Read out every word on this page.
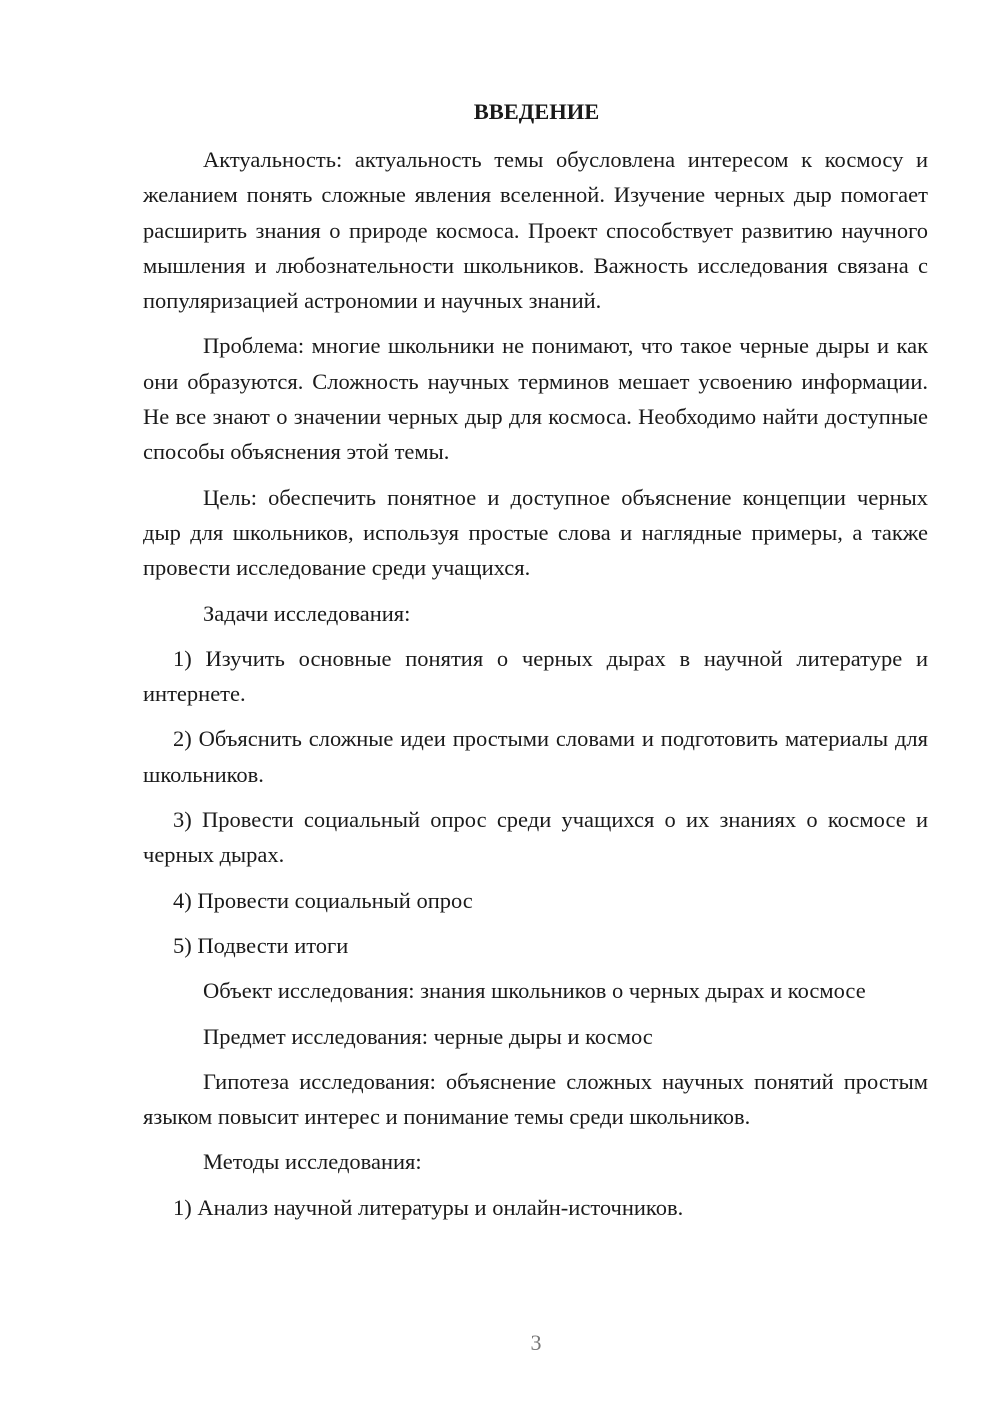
ВВЕДЕНИЕ

Актуальность: актуальность темы обусловлена интересом к космосу и желанием понять сложные явления вселенной. Изучение черных дыр помогает расширить знания о природе космоса. Проект способствует развитию научного мышления и любознательности школьников. Важность исследования связана с популяризацией астрономии и научных знаний.

Проблема: многие школьники не понимают, что такое черные дыры и как они образуются. Сложность научных терминов мешает усвоению информации. Не все знают о значении черных дыр для космоса. Необходимо найти доступные способы объяснения этой темы.

Цель: обеспечить понятное и доступное объяснение концепции черных дыр для школьников, используя простые слова и наглядные примеры, а также провести исследование среди учащихся.

Задачи исследования:

1) Изучить основные понятия о черных дырах в научной литературе и интернете.

2) Объяснить сложные идеи простыми словами и подготовить материалы для школьников.

3) Провести социальный опрос среди учащихся о их знаниях о космосе и черных дырах.

4) Провести социальный опрос

5) Подвести итоги

Объект исследования: знания школьников о черных дырах и космосе

Предмет исследования: черные дыры и космос

Гипотеза исследования: объяснение сложных научных понятий простым языком повысит интерес и понимание темы среди школьников.

Методы исследования:

1) Анализ научной литературы и онлайн-источников.

3
